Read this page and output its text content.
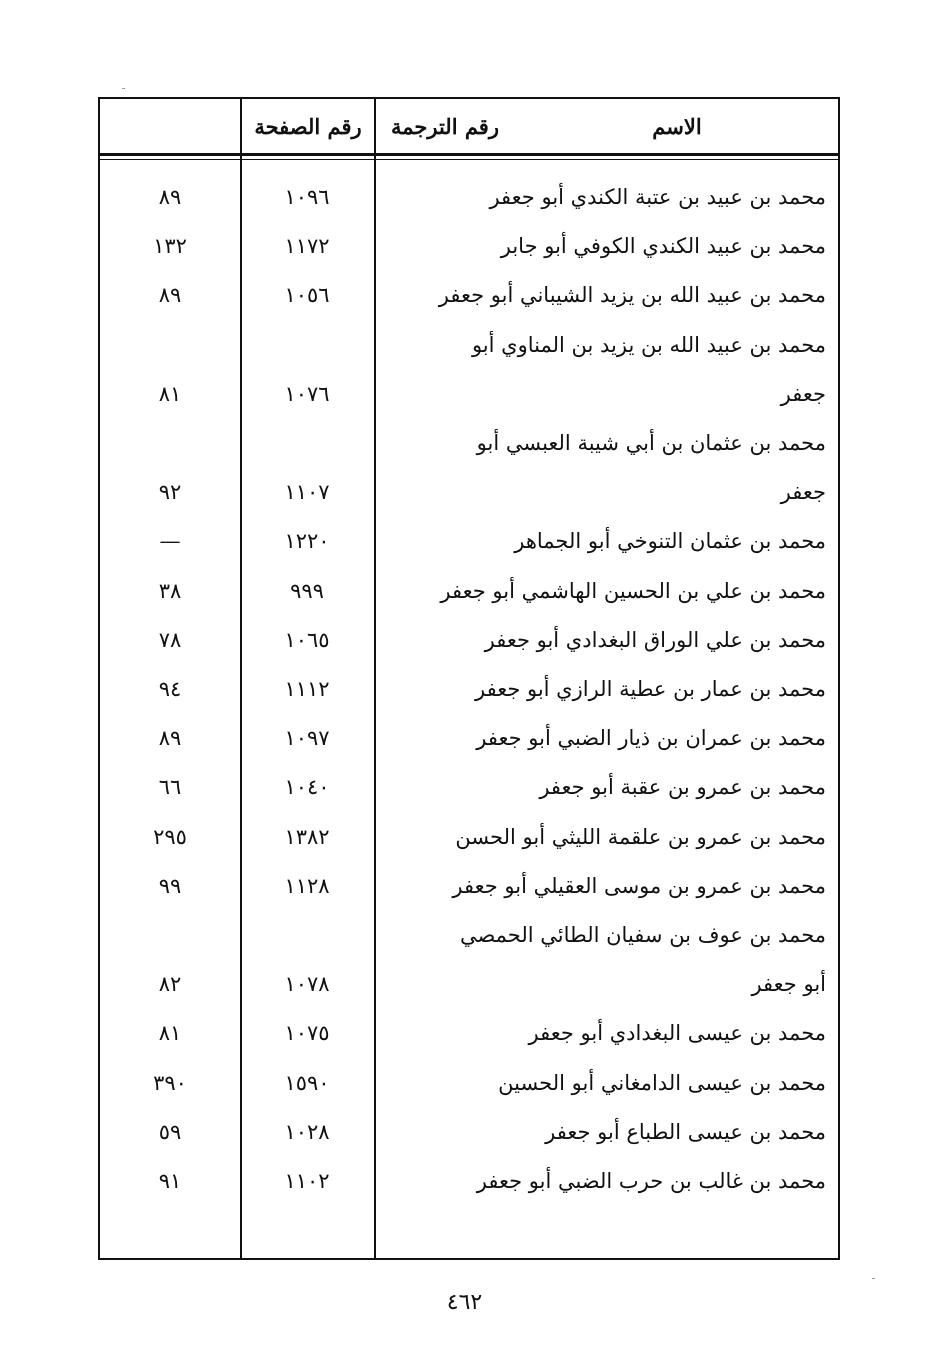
رقم الصفحة	رقم الترجمة	الاسم
٨٩	١٠٩٦	محمد بن عبيد بن عتبة الكندي أبو جعفر
١٣٢	١١٧٢	محمد بن عبيد الكندي الكوفي أبو جابر
٨٩	١٠٥٦	محمد بن عبيد الله بن يزيد الشيباني أبو جعفر
محمد بن عبيد الله بن يزيد بن المناوي أبو
٨١	١٠٧٦	جعفر
محمد بن عثمان بن أبي شيبة العبسي أبو
٩٢	١١٠٧	جعفر
—	١٢٢٠	محمد بن عثمان التنوخي أبو الجماهر
٣٨	٩٩٩	محمد بن علي بن الحسين الهاشمي أبو جعفر
٧٨	١٠٦٥	محمد بن علي الوراق البغدادي أبو جعفر
٩٤	١١١٢	محمد بن عمار بن عطية الرازي أبو جعفر
٨٩	١٠٩٧	محمد بن عمران بن ذيار الضبي أبو جعفر
٦٦	١٠٤٠	محمد بن عمرو بن عقبة أبو جعفر
٢٩٥	١٣٨٢	محمد بن عمرو بن علقمة الليثي أبو الحسن
٩٩	١١٢٨	محمد بن عمرو بن موسى العقيلي أبو جعفر
محمد بن عوف بن سفيان الطائي الحمصي
٨٢	١٠٧٨	أبو جعفر
٨١	١٠٧٥	محمد بن عيسى البغدادي أبو جعفر
٣٩٠	١٥٩٠	محمد بن عيسى الدامغاني أبو الحسين
٥٩	١٠٢٨	محمد بن عيسى الطباع أبو جعفر
٩١	١١٠٢	محمد بن غالب بن حرب الضبي أبو جعفر
٤٦٢
